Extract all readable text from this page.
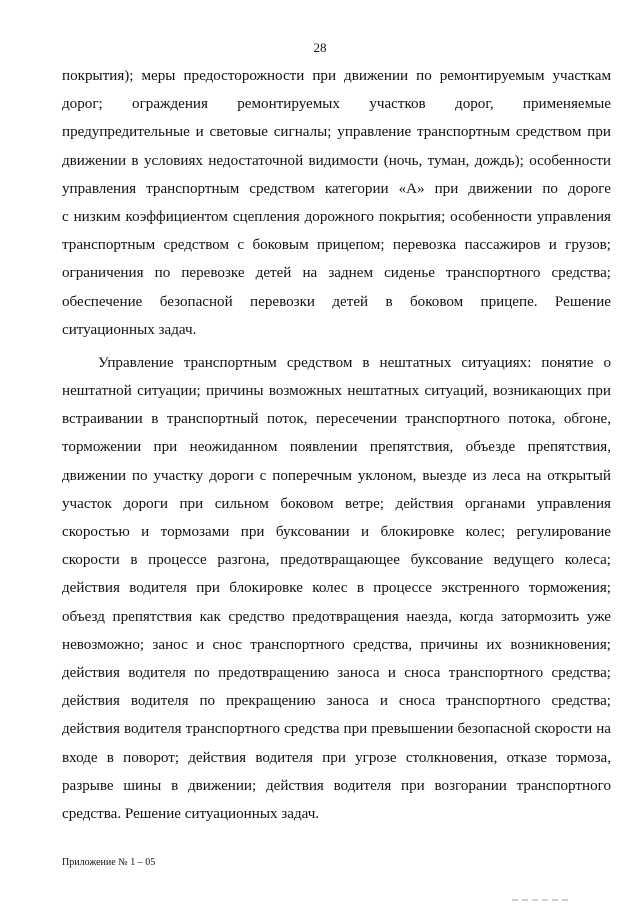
28
покрытия); меры предосторожности при движении по ремонтируемым участкам
дорог; ограждения ремонтируемых участков дорог, применяемые
предупредительные и световые сигналы; управление транспортным средством при
движении в условиях недостаточной видимости (ночь, туман, дождь); особенности
управления транспортным средством категории «А» при движении по дороге
с низким коэффициентом сцепления дорожного покрытия; особенности управления
транспортным средством с боковым прицепом; перевозка пассажиров и грузов;
ограничения по перевозке детей на заднем сиденье транспортного средства;
обеспечение безопасной перевозки детей в боковом прицепе. Решение
ситуационных задач.
Управление транспортным средством в нештатных ситуациях: понятие о
нештатной ситуации; причины возможных нештатных ситуаций, возникающих при
встраивании в транспортный поток, пересечении транспортного потока, обгоне,
торможении при неожиданном появлении препятствия, объезде препятствия,
движении по участку дороги с поперечным уклоном, выезде из леса на открытый
участок дороги при сильном боковом ветре; действия органами управления
скоростью и тормозами при буксовании и блокировке колес; регулирование
скорости в процессе разгона, предотвращающее буксование ведущего колеса;
действия водителя при блокировке колес в процессе экстренного торможения;
объезд препятствия как средство предотвращения наезда, когда затормозить уже
невозможно; занос и снос транспортного средства, причины их возникновения;
действия водителя по предотвращению заноса и сноса транспортного средства;
действия водителя по прекращению заноса и сноса транспортного средства;
действия водителя транспортного средства при превышении безопасной скорости на
входе в поворот; действия водителя при угрозе столкновения, отказе тормоза,
разрыве шины в движении; действия водителя при возгорании транспортного
средства. Решение ситуационных задач.
Приложение № 1 – 05
